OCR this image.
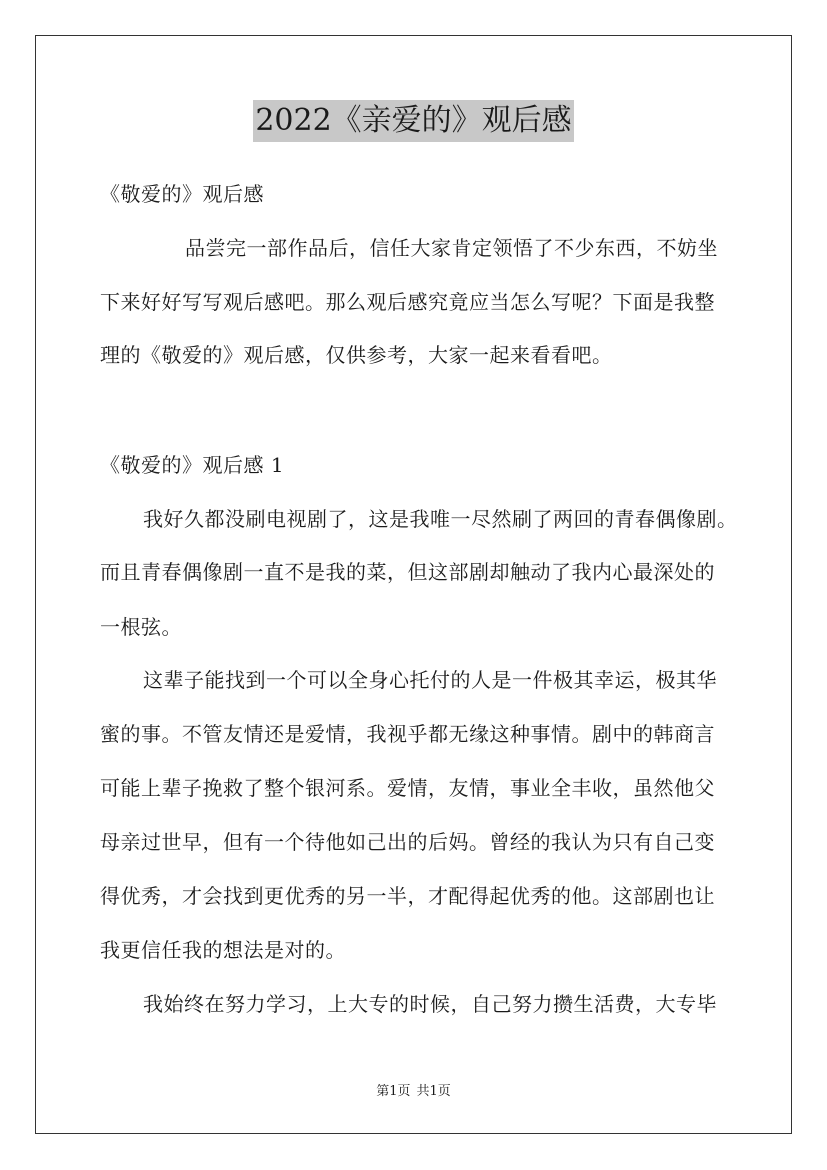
2022《亲爱的》观后感
《敬爱的》观后感
品尝完一部作品后，信任大家肯定领悟了不少东西，不妨坐
下来好好写写观后感吧。那么观后感究竟应当怎么写呢？下面是我整
理的《敬爱的》观后感，仅供参考，大家一起来看看吧。
《敬爱的》观后感 1
我好久都没刷电视剧了，这是我唯一尽然刷了两回的青春偶像剧。
而且青春偶像剧一直不是我的菜，但这部剧却触动了我内心最深处的
一根弦。
这辈子能找到一个可以全身心托付的人是一件极其幸运，极其华
蜜的事。不管友情还是爱情，我视乎都无缘这种事情。剧中的韩商言
可能上辈子挽救了整个银河系。爱情，友情，事业全丰收，虽然他父
母亲过世早，但有一个待他如己出的后妈。曾经的我认为只有自己变
得优秀，才会找到更优秀的另一半，才配得起优秀的他。这部剧也让
我更信任我的想法是对的。
我始终在努力学习，上大专的时候，自己努力攒生活费，大专毕
第1页 共1页
